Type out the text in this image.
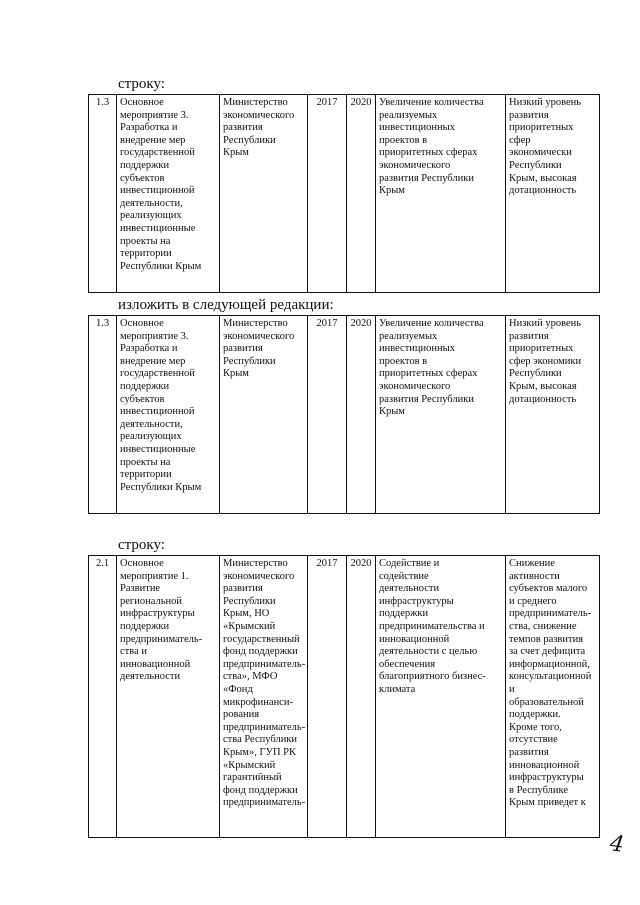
строку:
1.3	Основное
мероприятие 3.
Разработка и
внедрение мер
государственной
поддержки
субъектов
инвестиционной
деятельности,
реализующих
инвестиционные
проекты на
территории
Республики Крым

Министерство
экономического
развития
Республики
Крым
	2017	2020	Увеличение количества
реализуемых
инвестиционных
проектов в
приоритетных сферах
экономического
развития Республики
Крым

Низкий уровень
развития
приоритетных
сфер
экономически
Республики
Крым, высокая
дотационность
изложить в следующей редакции:
1.3	Основное
мероприятие 3.
Разработка и
внедрение мер
государственной
поддержки
субъектов
инвестиционной
деятельности,
реализующих
инвестиционные
проекты на
территории
Республики Крым

Министерство
экономического
развития
Республики
Крым
	2017	2020	Увеличение количества
реализуемых
инвестиционных
проектов в
приоритетных сферах
экономического
развития Республики
Крым

Низкий уровень
развития
приоритетных
сфер экономики
Республики
Крым, высокая
дотационность
строку:
2.1	Основное
мероприятие 1.
Развитие
региональной
инфраструктуры
поддержки
предприниматель-
ства и
инновационной
деятельности

Министерство
экономического
развития
Республики
Крым, НО
«Крымский
государственный
фонд поддержки
предприниматель-
ства», МФО
«Фонд
микрофинанси-
рования
предприниматель-
ства Республики
Крым», ГУП РК
«Крымский
гарантийный
фонд поддержки
предприниматель-
	2017	2020	Содействие и
содействие
деятельности
инфраструктуры
поддержки
предпринимательства и
инновационной
деятельности с целью
обеспечения
благоприятного бизнес-
климата

Снижение
активности
субъектов малого
и среднего
предприниматель-
ства, снижение
темпов развития
за счет дефицита
информационной,
консультационной
и
образовательной
поддержки.
Кроме того,
отсутствие
развития
инновационной
инфраструктуры
в Республике
Крым приведет к
4
